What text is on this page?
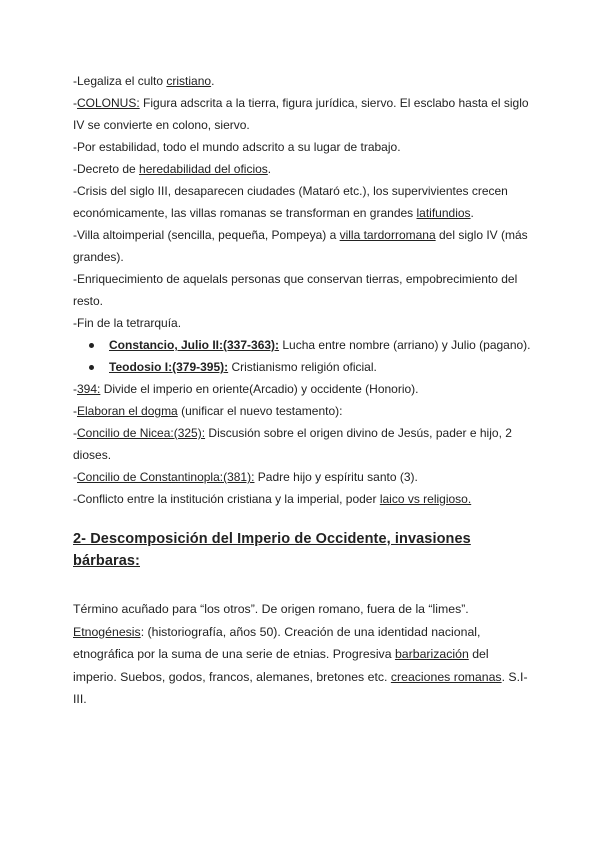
-Legaliza el culto cristiano.

-COLONUS: Figura adscrita a la tierra, figura jurídica, siervo. El esclabo hasta el siglo IV se convierte en colono, siervo.

-Por estabilidad, todo el mundo adscrito a su lugar de trabajo.

-Decreto de heredabilidad del oficios.

-Crisis del siglo III, desaparecen ciudades (Mataró etc.), los supervivientes crecen económicamente, las villas romanas se transforman en grandes latifundios.

-Villa altoimperial (sencilla, pequeña, Pompeya) a villa tardorromana del siglo IV (más grandes).

-Enriquecimiento de aquelals personas que conservan tierras, empobrecimiento del resto.

-Fin de la tetrarquía.

Constancio, Julio II:(337-363): Lucha entre nombre (arriano) y Julio (pagano).
Teodosio I:(379-395): Cristianismo religión oficial.

-394: Divide el imperio en oriente(Arcadio) y occidente (Honorio).

-Elaboran el dogma (unificar el nuevo testamento):

-Concilio de Nicea:(325): Discusión sobre el origen divino de Jesús, pader e hijo, 2 dioses.

-Concilio de Constantinopla:(381): Padre hijo y espíritu santo (3).

-Conflicto entre la institución cristiana y la imperial, poder laico vs religioso.

2- Descomposición del Imperio de Occidente, invasiones bárbaras:

Término acuñado para “los otros”. De origen romano, fuera de la “limes”.

Etnogénesis: (historiografía, años 50). Creación de una identidad nacional, etnográfica por la suma de una serie de etnias. Progresiva barbarización del imperio. Suebos, godos, francos, alemanes, bretones etc. creaciones romanas. S.I-III.
